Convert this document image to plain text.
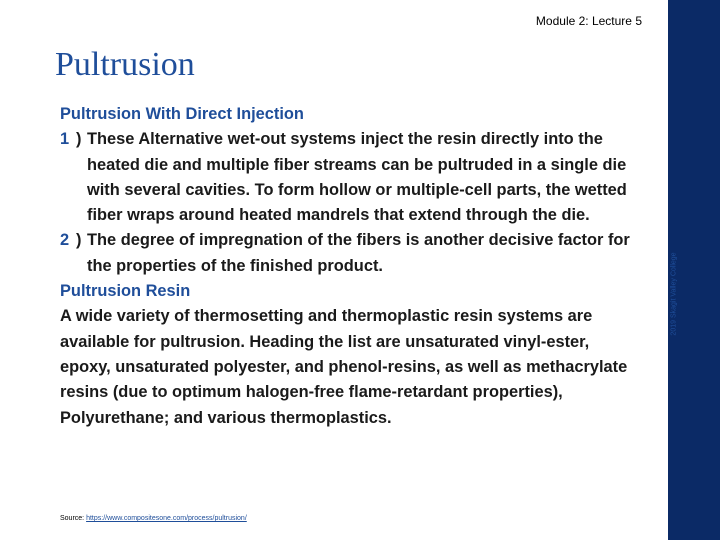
Module 2: Lecture 5
Pultrusion
2019 Skagit Valley College
Pultrusion With Direct Injection
1 ) These Alternative wet-out systems inject the resin directly into the heated die and multiple fiber streams can be pultruded in a single die with several cavities. To form hollow or multiple-cell parts, the wetted fiber wraps around heated mandrels that extend through the die.
2 ) The degree of impregnation of the fibers is another decisive factor for the properties of the finished product.
Pultrusion Resin
A wide variety of thermosetting and thermoplastic resin systems are available for pultrusion. Heading the list are unsaturated vinyl-ester, epoxy, unsaturated polyester, and phenol-resins, as well as methacrylate resins (due to optimum halogen-free flame-retardant properties), Polyurethane; and various thermoplastics.
Source: https://www.compositesone.com/process/pultrusion/
